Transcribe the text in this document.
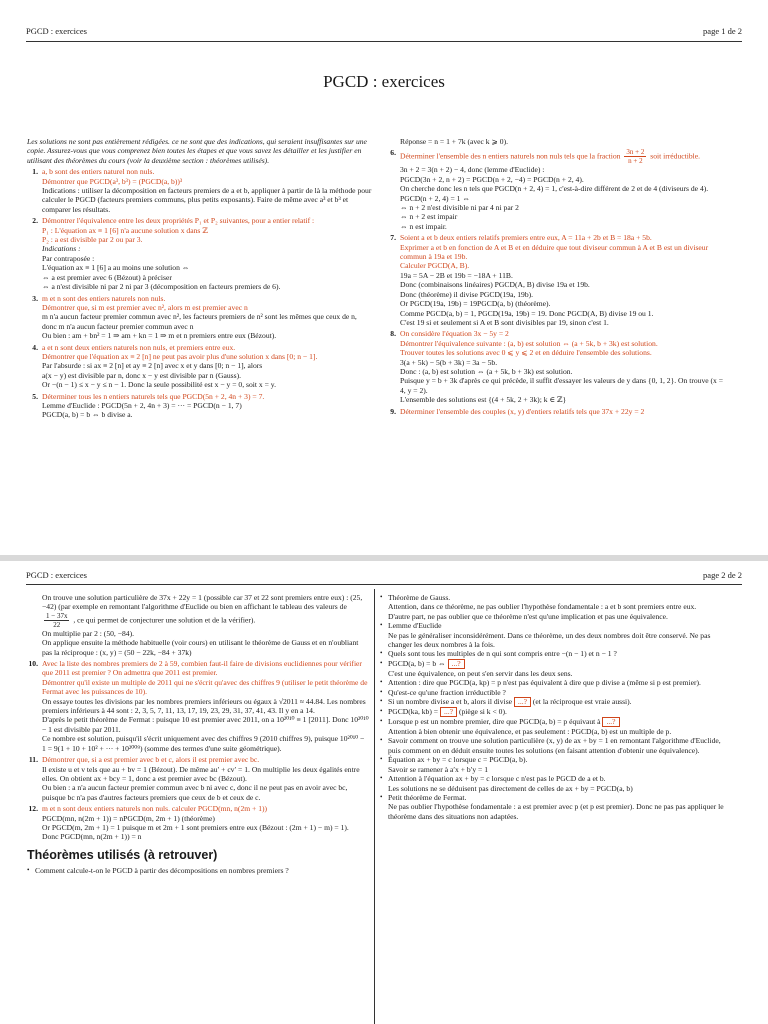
PGCD : exercices	page 1 de 2
PGCD : exercices

Les solutions ne sont pas entièrement rédigées. ce ne sont que des indications, qui seraient insuffisantes sur une copie. Assurez-vous que vous comprenez bien toutes les étapes et que vous savez les détailler et les justifier en utilisant des théorèmes du cours (voir la deuxième section : théorèmes utilisés).

1. a, b sont des entiers naturel non nuls.

Démontrer que PGCD(a³, b³) = (PGCD(a, b))³

Indications : utiliser la décomposition en facteurs premiers de a et b, appliquer à partir de là la méthode pour calculer le PGCD (facteurs premiers communs, plus petits exposants). Faire de même avec a³ et b³ et comparer les résultats.

2. Démontrer l'équivalence entre les deux propriétés P₁ et P₂ suivantes, pour a entier relatif :

P₁ : L'équation ax ≡ 1 [6] n'a aucune solution x dans ℤ

P₂ : a est divisible par 2 ou par 3.

Indications :

Par contraposée :

L'équation ax ≡ 1 [6] a au moins une solution ⇔

⇔ a est premier avec 6 (Bézout) à préciser

⇔ a n'est divisible ni par 2 ni par 3 (décomposition en facteurs premiers de 6).

3. m et n sont des entiers naturels non nuls.

Démontrer que, si m est premier avec n², alors m est premier avec n

m n'a aucun facteur premier commun avec n², les facteurs premiers de n² sont les mêmes que ceux de n, donc m n'a aucun facteur premier commun avec n

Ou bien : am + bn² = 1 ⇒ am + kn = 1 ⇒ m et n premiers entre eux (Bézout).

4. a et n sont deux entiers naturels non nuls, et premiers entre eux.

Démontrer que l'équation ax ≡ 2 [n] ne peut pas avoir plus d'une solution x dans [0; n − 1].

Par l'absurde : si ax ≡ 2 [n] et ay ≡ 2 [n] avec x et y dans [0; n − 1], alors

a(x − y) est divisible par n, donc x − y est divisible par n (Gauss).

Or −(n − 1) ≤ x − y ≤ n − 1. Donc la seule possibilité est x − y = 0, soit x = y.

5. Déterminer tous les n entiers naturels tels que PGCD(5n + 2, 4n + 3) = 7.

Lemme d'Euclide : PGCD(5n + 2, 4n + 3) = ··· = PGCD(n − 1, 7)

PGCD(a, b) = b ⇔ b divise a.

Réponse = n = 1 + 7k (avec k ⩾ 0).

6. Déterminer l'ensemble des n entiers naturels non nuls tels que la fraction $\frac{3n + 2}{n + 2}$ soit irréductible.

3n + 2 = 3(n + 2) − 4, donc (lemme d'Euclide) :

PGCD(3n + 2, n + 2) = PGCD(n + 2, −4) = PGCD(n + 2, 4).

On cherche donc les n tels que PGCD(n + 2, 4) = 1, c'est-à-dire différent de 2 et de 4 (diviseurs de 4).

PGCD(n + 2, 4) = 1 ⇔

⇔ n + 2 n'est divisible ni par 4 ni par 2

⇔ n + 2 est impair

⇔ n est impair.

7. Soient a et b deux entiers relatifs premiers entre eux, A = 11a + 2b et B = 18a + 5b.

Exprimer a et b en fonction de A et B et en déduire que tout diviseur commun à A et B est un diviseur commun à 19a et 19b.

Calculer PGCD(A, B).

19a = 5A − 2B et 19b = −18A + 11B.

Donc (combinaisons linéaires) PGCD(A, B) divise 19a et 19b.

Donc (théorème) il divise PGCD(19a, 19b).

Or PGCD(19a, 19b) = 19PGCD(a, b) (théorème).

Comme PGCD(a, b) = 1, PGCD(19a, 19b) = 19. Donc PGCD(A, B) divise 19 ou 1.

C'est 19 si et seulement si A et B sont divisibles par 19, sinon c'est 1.

8. On considère l'équation 3x − 5y = 2

Démontrer l'équivalence suivante : (a, b) est solution ⇔ (a + 5k, b + 3k) est solution.

Trouver toutes les solutions avec 0 ⩽ y ⩽ 2 et en déduire l'ensemble des solutions.

3(a + 5k) − 5(b + 3k) = 3a − 5b.

Donc : (a, b) est solution ⇔ (a + 5k, b + 3k) est solution.

Puisque y = b + 3k d'après ce qui précède, il suffit d'essayer les valeurs de y dans {0, 1, 2}. On trouve (x = 4, y = 2).

L'ensemble des solutions est {(4 + 5k, 2 + 3k); k ∈ ℤ}

9. Déterminer l'ensemble des couples (x, y) d'entiers relatifs tels que 37x + 22y = 2

PGCD : exercices	page 2 de 2

On trouve une solution particulière de 37x + 22y = 1 (possible car 37 et 22 sont premiers entre eux) : (25, −42) (par exemple en remontant l'algorithme d'Euclide ou bien en affichant le tableau des valeurs de
$\frac{1 - 37x}{22}$ , ce qui permet de conjecturer une solution et de la vérifier).

On multiplie par 2 : (50, −84).

On applique ensuite la méthode habituelle (voir cours) en utilisant le théorème de Gauss et en n'oubliant pas la réciproque : (x, y) = (50 − 22k, −84 + 37k)

10. Avec la liste des nombres premiers de 2 à 59, combien faut-il faire de divisions euclidiennes pour vérifier que 2011 est premier ? On admettra que 2011 est premier.

Démontrer qu'il existe un multiple de 2011 qui ne s'écrit qu'avec des chiffres 9 (utiliser le petit théorème de Fermat avec les puissances de 10).

On essaye toutes les divisions par les nombres premiers inférieurs ou égaux à √2011 ≈ 44.84. Les nombres premiers inférieurs à 44 sont : 2, 3, 5, 7, 11, 13, 17, 19, 23, 29, 31, 37, 41, 43. Il y en a 14.

D'après le petit théorème de Fermat : puisque 10 est premier avec 2011, on a 10²⁰¹⁰ ≡ 1 [2011]. Donc 10²⁰¹⁰ − 1 est divisible par 2011.

Ce nombre est solution, puisqu'il s'écrit uniquement avec des chiffres 9 (2010 chiffres 9), puisque 10²⁰¹⁰ − 1 = 9(1 + 10 + 10² + ··· + 10²⁰⁰⁹) (somme des termes d'une suite géométrique).

11. Démontrer que, si a est premier avec b et c, alors il est premier avec bc.

Il existe u et v tels que au + bv = 1 (Bézout). De même au′ + cv′ = 1. On multiplie les deux égalités entre elles. On obtient ax + bcy = 1, donc a est premier avec bc (Bézout).

Ou bien : a n'a aucun facteur premier commun avec b ni avec c, donc il ne peut pas en avoir avec bc, puisque bc n'a pas d'autres facteurs premiers que ceux de b et ceux de c.

12. m et n sont deux entiers naturels non nuls. calculer PGCD(mn, n(2m + 1))

PGCD(mn, n(2m + 1)) = nPGCD(m, 2m + 1) (théorème)

Or PGCD(m, 2m + 1) = 1 puisque m et 2m + 1 sont premiers entre eux (Bézout : (2m + 1) − m) = 1).

Donc PGCD(mn, n(2m + 1)) = n

Théorèmes utilisés (à retrouver)
• Comment calcule-t-on le PGCD à partir des décompositions en nombres premiers ?
• Théorème de Gauss.

Attention, dans ce théorème, ne pas oublier l'hypothèse fondamentale : a et b sont premiers entre eux.

D'autre part, ne pas oublier que ce théorème n'est qu'une implication et pas une équivalence.

• Lemme d'Euclide

Ne pas le généraliser inconsidérément. Dans ce théorème, un des deux nombres doit être conservé. Ne pas changer les deux nombres à la fois.

• Quels sont tous les multiples de n qui sont compris entre −(n − 1) et n − 1 ?

• PGCD(a, b) = b ⇔ ...?

C'est une équivalence, on peut s'en servir dans les deux sens.

• Attention : dire que PGCD(a, kp) = p n'est pas équivalent à dire que p divise a (même si p est premier).

• Qu'est-ce qu'une fraction irréductible ?

• Si un nombre divise a et b, alors il divise ...? (et la réciproque est vraie aussi).

• PGCD(ka, kb) = ...? (piège si k < 0).

• Lorsque p est un nombre premier, dire que PGCD(a, b) = p équivaut à ...?

Attention à bien obtenir une équivalence, et pas seulement : PGCD(a, b) est un multiple de p.

• Savoir comment on trouve une solution particulière (x, y) de ax + by = 1 en remontant l'algorithme d'Euclide, puis comment on en déduit ensuite toutes les solutions (en faisant attention d'obtenir une équivalence).

• Équation ax + by = c lorsque c = PGCD(a, b).

Savoir se ramener à a′x + b′y = 1

• Attention à l'équation ax + by = c lorsque c n'est pas le PGCD de a et b.

Les solutions ne se déduisent pas directement de celles de ax + by = PGCD(a, b)

• Petit théorème de Fermat.

Ne pas oublier l'hypothèse fondamentale : a est premier avec p (et p est premier). Donc ne pas pas appliquer le théorème dans des situations non adaptées.
